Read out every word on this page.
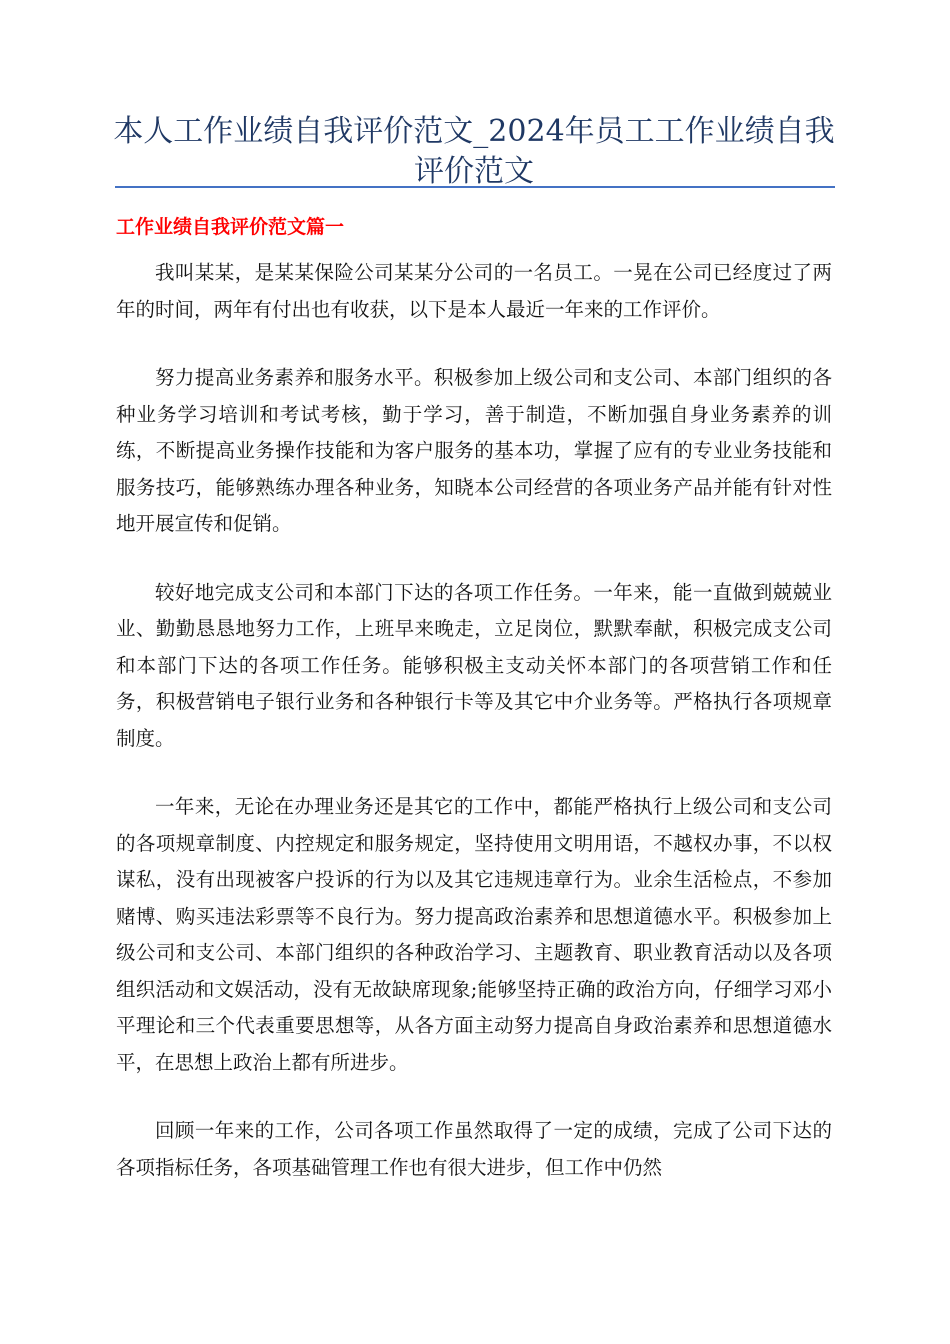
本人工作业绩自我评价范文_2024年员工工作业绩自我评价范文
工作业绩自我评价范文篇一

我叫某某，是某某保险公司某某分公司的一名员工。一晃在公司已经度过了两年的时间，两年有付出也有收获，以下是本人最近一年来的工作评价。

努力提高业务素养和服务水平。积极参加上级公司和支公司、本部门组织的各种业务学习培训和考试考核，勤于学习，善于制造，不断加强自身业务素养的训练，不断提高业务操作技能和为客户服务的基本功，掌握了应有的专业业务技能和服务技巧，能够熟练办理各种业务，知晓本公司经营的各项业务产品并能有针对性地开展宣传和促销。

较好地完成支公司和本部门下达的各项工作任务。一年来，能一直做到兢兢业业、勤勤恳恳地努力工作，上班早来晚走，立足岗位，默默奉献，积极完成支公司和本部门下达的各项工作任务。能够积极主支动关怀本部门的各项营销工作和任务，积极营销电子银行业务和各种银行卡等及其它中介业务等。严格执行各项规章制度。

一年来，无论在办理业务还是其它的工作中，都能严格执行上级公司和支公司的各项规章制度、内控规定和服务规定，坚持使用文明用语，不越权办事，不以权谋私，没有出现被客户投诉的行为以及其它违规违章行为。业余生活检点，不参加赌博、购买违法彩票等不良行为。努力提高政治素养和思想道德水平。积极参加上级公司和支公司、本部门组织的各种政治学习、主题教育、职业教育活动以及各项组织活动和文娱活动，没有无故缺席现象;能够坚持正确的政治方向，仔细学习邓小平理论和三个代表重要思想等，从各方面主动努力提高自身政治素养和思想道德水平，在思想上政治上都有所进步。

回顾一年来的工作，公司各项工作虽然取得了一定的成绩，完成了公司下达的各项指标任务，各项基础管理工作也有很大进步，但工作中仍然
